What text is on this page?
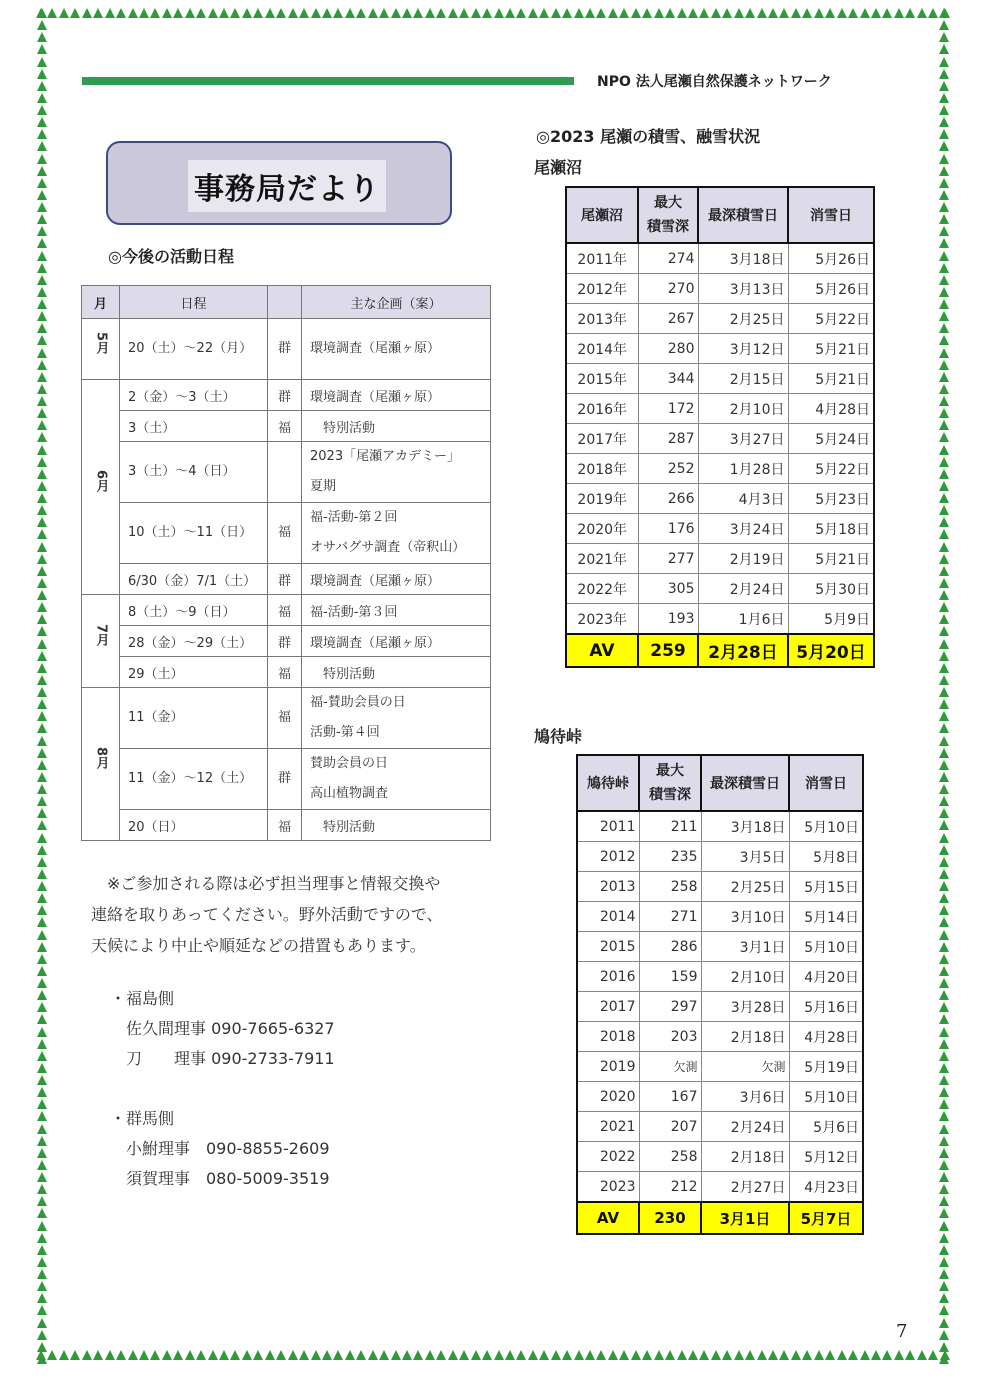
NPO 法人尾瀬自然保護ネットワーク
事務局だより
◎今後の活動日程
月	日程		主な企画（案）
5月	20（土）～22（月）	群	環境調査（尾瀬ヶ原）
6月	2（金）～3（土）	群	環境調査（尾瀬ヶ原）
	3（土）	福	　特別活動
	3（土）～4（日）		2023「尾瀬アカデミー」
夏期

	10（土）～11（日）	福	福-活動-第２回
オサバグサ調査（帝釈山）

	6/30（金）7/1（土）	群	環境調査（尾瀬ヶ原）
7月	8（土）～9（日）	福	福-活動-第３回
	28（金）～29（土）	群	環境調査（尾瀬ヶ原）
	29（土）	福	　特別活動
8月	11（金）	福	福-賛助会員の日
活動-第４回

	11（金）～12（土）	群	賛助会員の日
高山植物調査

	20（日）	福	　特別活動
※ご参加される際は必ず担当理事と情報交換や
連絡を取りあってください。野外活動ですので、
天候により中止や順延などの措置もあります。
・福島側
佐久間理事 090-7665-6327
刀　　理事 090-2733-7911
・群馬側
小鮒理事　090-8855-2609
須賀理事　080-5009-3519
◎2023 尾瀬の積雪、融雪状況
尾瀬沼
尾瀬沼	最大
積雪深	最深積雪日	消雪日
2011年	274	3月18日	5月26日
2012年	270	3月13日	5月26日
2013年	267	2月25日	5月22日
2014年	280	3月12日	5月21日
2015年	344	2月15日	5月21日
2016年	172	2月10日	4月28日
2017年	287	3月27日	5月24日
2018年	252	1月28日	5月22日
2019年	266	4月3日	5月23日
2020年	176	3月24日	5月18日
2021年	277	2月19日	5月21日
2022年	305	2月24日	5月30日
2023年	193	1月6日	5月9日
AV	259	2月28日	5月20日
鳩待峠
鳩待峠	最大
積雪深	最深積雪日	消雪日
2011	211	3月18日	5月10日
2012	235	3月5日	5月8日
2013	258	2月25日	5月15日
2014	271	3月10日	5月14日
2015	286	3月1日	5月10日
2016	159	2月10日	4月20日
2017	297	3月28日	5月16日
2018	203	2月18日	4月28日
2019	欠測	欠測	5月19日
2020	167	3月6日	5月10日
2021	207	2月24日	5月6日
2022	258	2月18日	5月12日
2023	212	2月27日	4月23日
AV	230	3月1日	5月7日
7
